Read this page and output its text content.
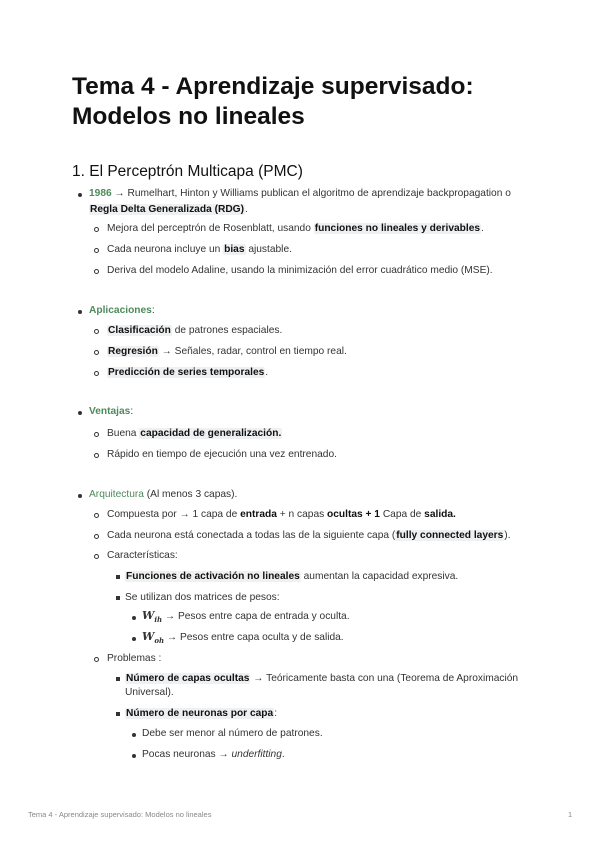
Tema 4 - Aprendizaje supervisado:
Modelos no lineales
1. El Perceptrón Multicapa (PMC)
1986 → Rumelhart, Hinton y Williams publican el algoritmo de aprendizaje backpropagation o
Regla Delta Generalizada (RDG).
Mejora del perceptrón de Rosenblatt, usando funciones no lineales y derivables.
Cada neurona incluye un bias ajustable.
Deriva del modelo Adaline, usando la minimización del error cuadrático medio (MSE).
Aplicaciones:
Clasificación de patrones espaciales.
Regresión → Señales, radar, control en tiempo real.
Predicción de series temporales.
Ventajas:
Buena capacidad de generalización.
Rápido en tiempo de ejecución una vez entrenado.
Arquitectura (Al menos 3 capas).
Compuesta por → 1 capa de entrada + n capas ocultas + 1 Capa de salida.
Cada neurona está conectada a todas las de la siguiente capa (fully connected layers).
Características:
Funciones de activación no lineales aumentan la capacidad expresiva.
Se utilizan dos matrices de pesos:
$W_{ih}$ → Pesos entre capa de entrada y oculta.
$W_{oh}$ → Pesos entre capa oculta y de salida.
Problemas :
Número de capas ocultas → Teóricamente basta con una (Teorema de Aproximación
Universal).
Número de neuronas por capa:
Debe ser menor al número de patrones.
Pocas neuronas → underfitting.
Tema 4 - Aprendizaje supervisado: Modelos no lineales	1
